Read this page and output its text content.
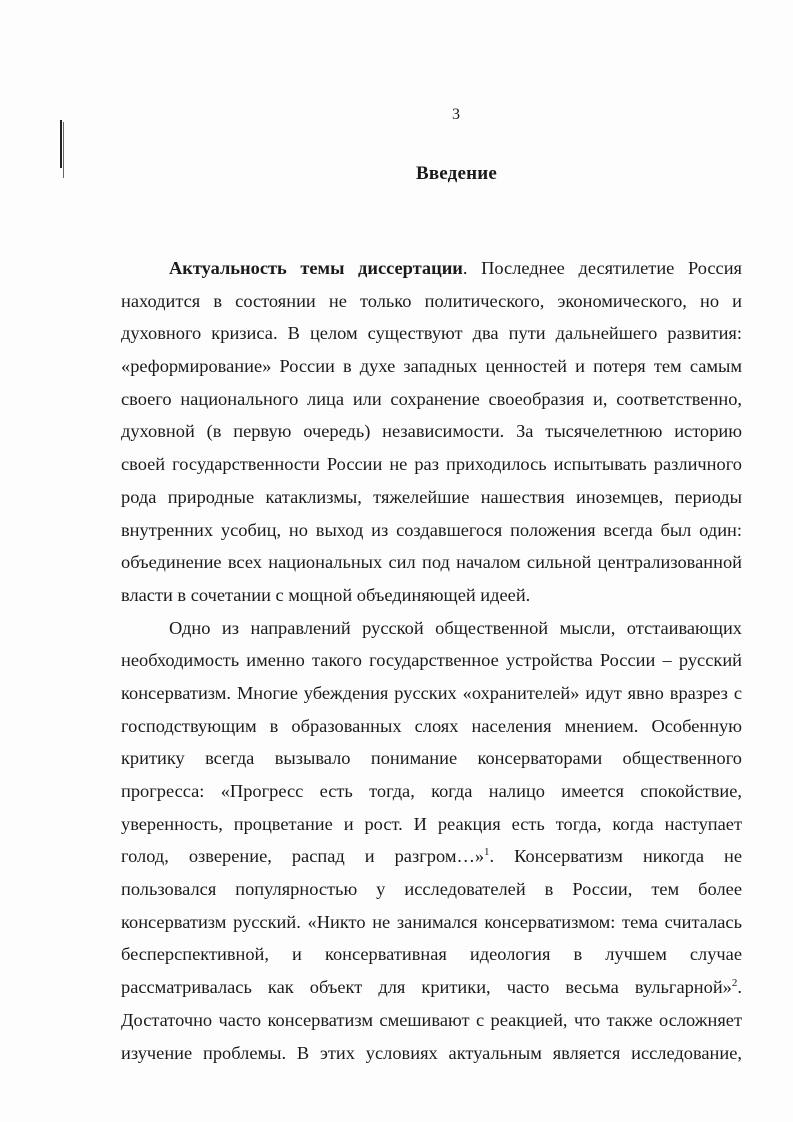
3
Введение
Актуальность темы диссертации. Последнее десятилетие Россия
находится в состоянии не только политического, экономического, но и
духовного кризиса. В целом существуют два пути дальнейшего развития:
«реформирование» России в духе западных ценностей и потеря тем самым
своего национального лица или сохранение своеобразия и, соответственно,
духовной (в первую очередь) независимости. За тысячелетнюю историю
своей государственности России не раз приходилось испытывать различного
рода природные катаклизмы, тяжелейшие нашествия иноземцев, периоды
внутренних усобиц, но выход из создавшегося положения всегда был один:
объединение всех национальных сил под началом сильной централизованной
власти в сочетании с мощной объединяющей идеей.
Одно из направлений русской общественной мысли, отстаивающих
необходимость именно такого государственное устройства России – русский
консерватизм. Многие убеждения русских «охранителей» идут явно вразрез с
господствующим в образованных слоях населения мнением. Особенную
критику всегда вызывало понимание консерваторами общественного
прогресса: «Прогресс есть тогда, когда налицо имеется спокойствие,
уверенность, процветание и рост. И реакция есть тогда, когда наступает
голод, озверение, распад и разгром…»$^1$. Консерватизм никогда не
пользовался популярностью у исследователей в России, тем более
консерватизм русский. «Никто не занимался консерватизмом: тема считалась
бесперспективной, и консервативная идеология в лучшем случае
рассматривалась как объект для критики, часто весьма вульгарной»$^2$.
Достаточно часто консерватизм смешивают с реакцией, что также осложняет
изучение проблемы. В этих условиях актуальным является исследование,
